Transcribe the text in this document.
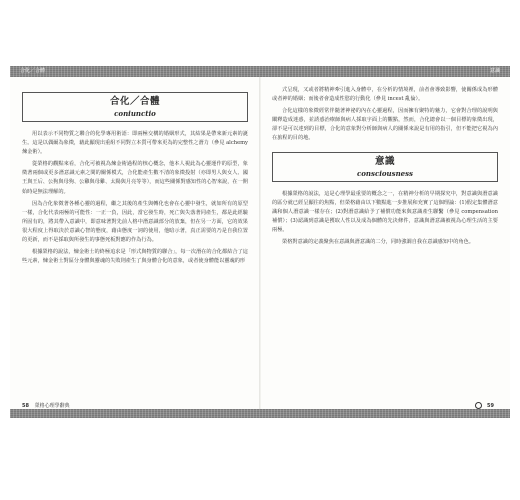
合化／合體	意識
合化／合體
coniunctio

用以表示不同物質之聯合的化學專用術語：即兩極交構的婚姻形式，其結果是帶來新元素的誕生。這是以偶爾為象徵，藉此顯現出重組不同對立本質可帶來更為的完整性之潛力（參見 alchemy 煉金術）。

從榮格的觀點來看，合化可被視為煉金術過程的核心概念，他本人視此為心靈運作的原型，象徵著兩個或更多潛意識元素之間的關係模式，合化能產生數不清的象徵投射（亦即男人與女人、國王與王后、公狗與母狗、公雞與母雞、太陽與月亮等等），而這些關係對感知性的心智來說，在一開始時是無法理解的。

因為合化象徵著各種心靈的過程，繼之其後的產生與轉化也會在心靈中發生，就如所有的原型一樣，合化代表兩極的可能性：一正一負，因此，當它發生時，死亡與失落著同產生，都是此經驗所固有的，將其帶入意識中，即意味著對先前人格中潛意識部分的放棄，但在另一方面，它的效果很大程度上得取決於意識心智的態度，藉由態度一詞的使用，他暗示著，真正需要的乃是自我位置的更新，而不是採取與所發生的事態死板對應的作為行為。

根據榮格的說法，煉金術士的終極追求是「形式與物質的聯合」，每一次潛在的合化都結合了這些元素，煉金術士對區分身體與靈魂的失敗則產生了與身體合化的意象，或者使身體能以靈魂的形

式呈現，又或者將精神牽引進入身體中，在分析的情境裡，前者會導致影響，使關係成為形體或者神的婚姻；而後者會造成性慾的行動化（參見 incest 亂倫）。

合化這樣的象徵經常伴隨著神祕的內在心靈過程，因而擁有聚特的魅力，它會對合理的說明與闡釋造成迷惑，並誘惑治療師與病人採取字面上的觀點，然而，合化總會以一個目標的象徵出現，卻不是可以達到的目標，合化的意象對分析師與病人的關係來說是有用的指引，但不能把它視為內在旅程的目的地。

意識
consciousness

根據榮格的說法，這是心理學最重要的概念之一，在精神分析的早期探究中，對意識與潛意識的區分就已經呈顯往的焦點，但榮格藉由以下數點進一步推展和充實了這個理論：(1)假定集體潛意識和個人潛意識一樣存在；(2)對潛意識給予了補償功能來與意識產生聯繫（參見 compensation 補償）；(3)認識到意識是獲取人性以及成為個體的先決條件，意識與潛意識被視為心理生活的主要兩極。

榮格對意識的定義聚焦在意識與潛意識的二分，同時強調自我在意識感知中的角色。

58 榮格心理學辭典	59
